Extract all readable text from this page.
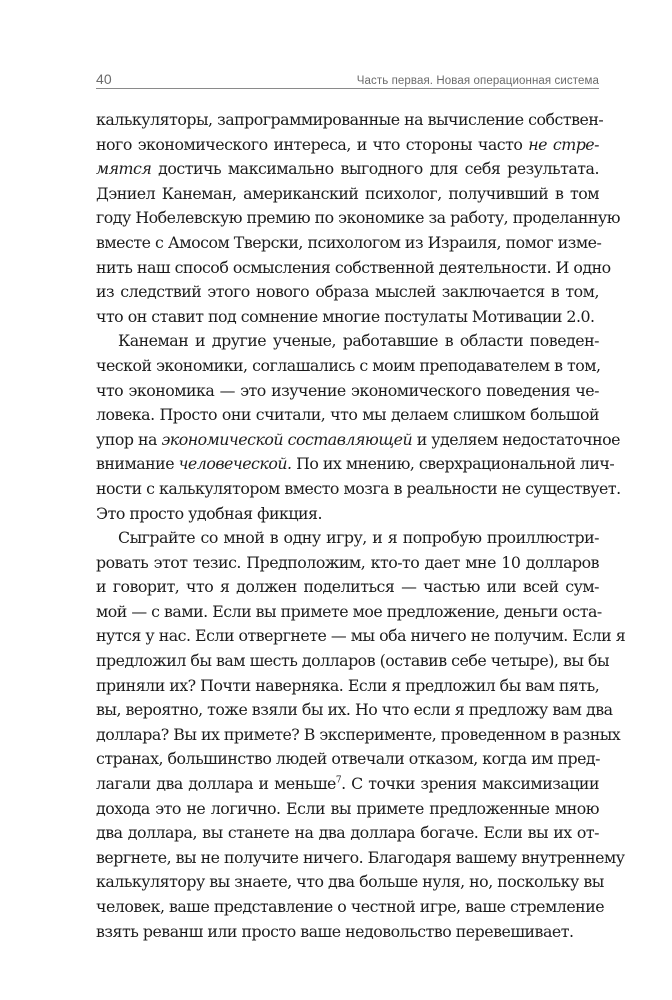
40	Часть первая. Новая операционная система
калькуляторы, запрограммированные на вычисление собствен-
ного экономического интереса, и что стороны часто не стре-
мятся достичь максимально выгодного для себя результата.
Дэниел Канеман, американский психолог, получивший в том
году Нобелевскую премию по экономике за работу, проделанную
вместе с Амосом Тверски, психологом из Израиля, помог изме-
нить наш способ осмысления собственной деятельности. И одно
из следствий этого нового образа мыслей заключается в том,
что он ставит под сомнение многие постулаты Мотивации 2.0.
Канеман и другие ученые, работавшие в области поведен-
ческой экономики, соглашались с моим преподавателем в том,
что экономика — это изучение экономического поведения че-
ловека. Просто они считали, что мы делаем слишком большой
упор на экономической составляющей и уделяем недостаточное
внимание человеческой. По их мнению, сверхрациональной лич-
ности с калькулятором вместо мозга в реальности не существует.
Это просто удобная фикция.
Сыграйте со мной в одну игру, и я попробую проиллюстри-
ровать этот тезис. Предположим, кто-то дает мне 10 долларов
и говорит, что я должен поделиться — частью или всей сум-
мой — с вами. Если вы примете мое предложение, деньги оста-
нутся у нас. Если отвергнете — мы оба ничего не получим. Если я
предложил бы вам шесть долларов (оставив себе четыре), вы бы
приняли их? Почти наверняка. Если я предложил бы вам пять,
вы, вероятно, тоже взяли бы их. Но что если я предложу вам два
доллара? Вы их примете? В эксперименте, проведенном в разных
странах, большинство людей отвечали отказом, когда им пред-
лагали два доллара и меньше$^7$. С точки зрения максимизации
дохода это не логично. Если вы примете предложенные мною
два доллара, вы станете на два доллара богаче. Если вы их от-
вергнете, вы не получите ничего. Благодаря вашему внутреннему
калькулятору вы знаете, что два больше нуля, но, поскольку вы
человек, ваше представление о честной игре, ваше стремление
взять реванш или просто ваше недовольство перевешивает.
